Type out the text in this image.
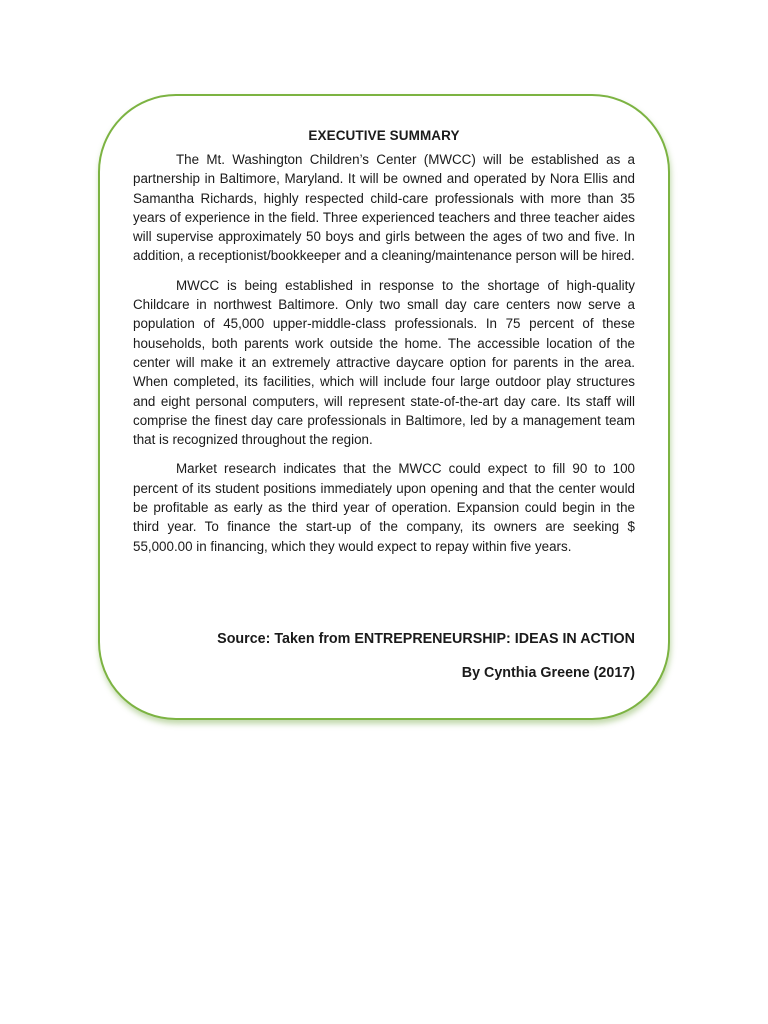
EXECUTIVE SUMMARY

The Mt. Washington Children’s Center (MWCC) will be established as a partnership in Baltimore, Maryland. It will be owned and operated by Nora Ellis and Samantha Richards, highly respected child-care professionals with more than 35 years of experience in the field. Three experienced teachers and three teacher aides will supervise approximately 50 boys and girls between the ages of two and five. In addition, a receptionist/bookkeeper and a cleaning/maintenance person will be hired.

MWCC is being established in response to the shortage of high-quality Childcare in northwest Baltimore. Only two small day care centers now serve a population of 45,000 upper-middle-class professionals. In 75 percent of these households, both parents work outside the home. The accessible location of the center will make it an extremely attractive daycare option for parents in the area. When completed, its facilities, which will include four large outdoor play structures and eight personal computers, will represent state-of-the-art day care. Its staff will comprise the finest day care professionals in Baltimore, led by a management team that is recognized throughout the region.

Market research indicates that the MWCC could expect to fill 90 to 100 percent of its student positions immediately upon opening and that the center would be profitable as early as the third year of operation. Expansion could begin in the third year. To finance the start-up of the company, its owners are seeking $ 55,000.00 in financing, which they would expect to repay within five years.

Source: Taken from ENTREPRENEURSHIP: IDEAS IN ACTION
By Cynthia Greene (2017)
